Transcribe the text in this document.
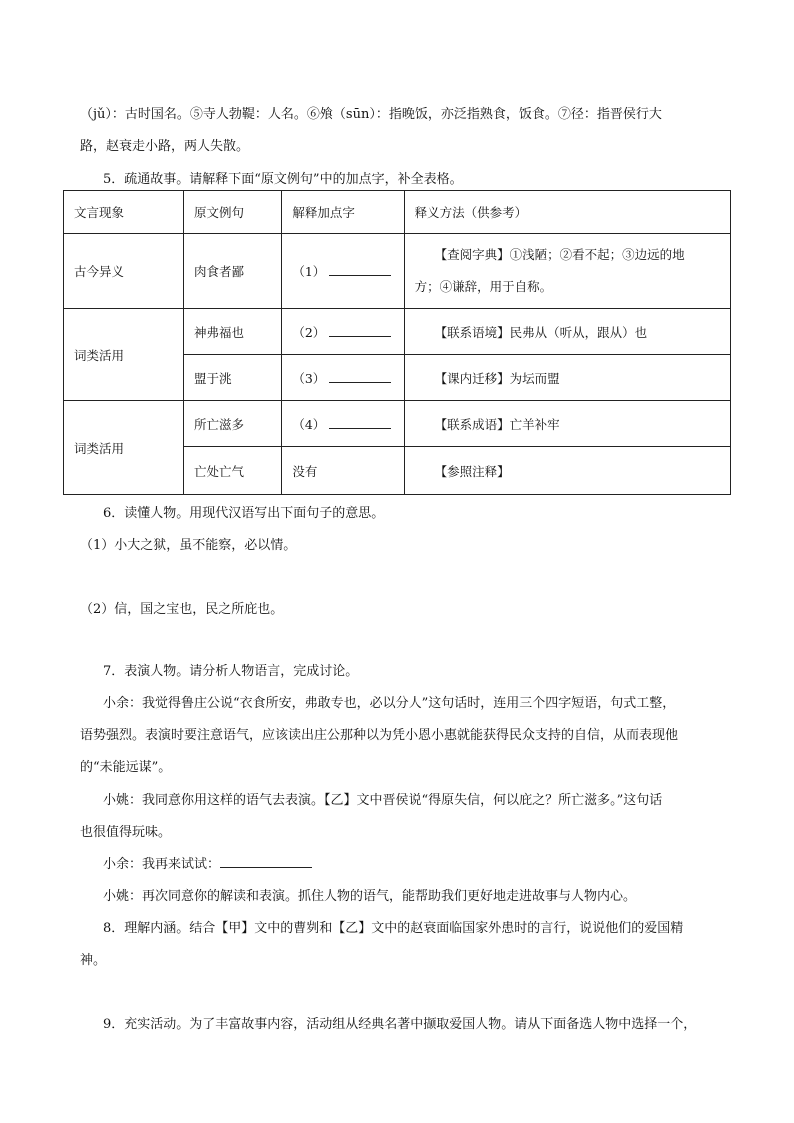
（jǔ）：古时国名。⑤寺人勃鞮：人名。⑥飧（sūn）：指晚饭，亦泛指熟食，饭食。⑦径：指晋侯行大
路，赵衰走小路，两人失散。
5．疏通故事。请解释下面“原文例句”中的加点字，补全表格。
文言现象	原文例句	解释加点字	释义方法（供参考）
古今异义	肉食者鄙	（1）	【查阅字典】①浅陋；②看不起；③边远的地
方；④谦辞，用于自称。

词类活用	神弗福也	（2）	【联系语境】民弗从（听从，跟从）也
	盟于洮	（3）	【课内迁移】为坛而盟
词类活用	所亡滋多	（4）	【联系成语】亡羊补牢
	亡处亡气	没有	【参照注释】
6．读懂人物。用现代汉语写出下面句子的意思。
（1）小大之狱，虽不能察，必以情。
（2）信，国之宝也，民之所庇也。
7．表演人物。请分析人物语言，完成讨论。
小余：我觉得鲁庄公说“衣食所安，弗敢专也，必以分人”这句话时，连用三个四字短语，句式工整，
语势强烈。表演时要注意语气，应该读出庄公那种以为凭小恩小惠就能获得民众支持的自信，从而表现他
的“未能远谋”。
小姚：我同意你用这样的语气去表演。【乙】文中晋侯说“得原失信，何以庇之？所亡滋多。”这句话
也很值得玩味。
小余：我再来试试：
小姚：再次同意你的解读和表演。抓住人物的语气，能帮助我们更好地走进故事与人物内心。
8．理解内涵。结合【甲】文中的曹刿和【乙】文中的赵衰面临国家外患时的言行，说说他们的爱国精
神。
9．充实活动。为了丰富故事内容，活动组从经典名著中撷取爱国人物。请从下面备选人物中选择一个，
